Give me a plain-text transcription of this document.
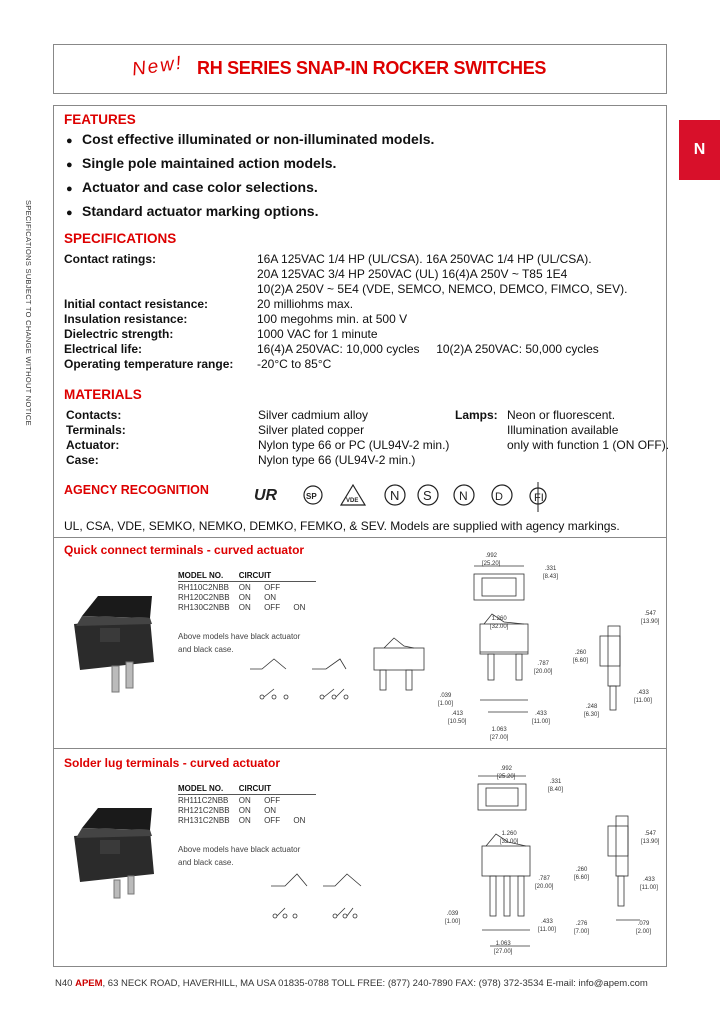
New! RH SERIES SNAP-IN ROCKER SWITCHES
N
SPECIFICATIONS SUBJECT TO CHANGE WITHOUT NOTICE
FEATURES
● Cost effective illuminated or non-illuminated models.
● Single pole maintained action models.
● Actuator and case color selections.
● Standard actuator marking options.
SPECIFICATIONS
Contact ratings:	16A 125VAC 1/4 HP (UL/CSA). 16A 250VAC 1/4 HP (UL/CSA).
20A 125VAC 3/4 HP 250VAC (UL) 16(4)A 250V ~ T85 1E4
10(2)A 250V ~ 5E4 (VDE, SEMCO, NEMCO, DEMCO, FIMCO, SEV).
Initial contact resistance:	20 milliohms max.
Insulation resistance:	100 megohms min. at 500 V
Dielectric strength:	1000 VAC for 1 minute
Electrical life:	16(4)A 250VAC: 10,000 cycles     10(2)A 250VAC: 50,000 cycles
Operating temperature range: -20°C to 85°C
MATERIALS
Contacts:	Silver cadmium alloy
Terminals:	Silver plated copper
Actuator:	Nylon type 66 or PC (UL94V-2 min.)
Case:	Nylon type 66 (UL94V-2 min.)
Lamps: Neon or fluorescent.
Illumination available
only with function 1 (ON OFF).
AGENCY RECOGNITION	UR	SP	VDE N S N D	FI
UL, CSA, VDE, SEMKO, NEMKO, DEMKO, FEMKO, & SEV. Models are supplied with agency markings.
Quick connect terminals - curved actuator
MODEL NO.	CIRCUIT
RH110C2NBB	ON      OFF
RH120C2NBB	ON      ON
RH130C2NBB	ON      OFF      ON
Above models have black actuator
and black case.
.992
[25.20]
.331
[8.43]
1.260
[32.00]
.787
[20.00]
.039
[1.00]
.413
[10.50]
.433
[11.00]
1.063
[27.00]
.547
[13.90]
.260
[6.60]
.433
[11.00]
.248
[6.30]
Solder lug terminals - curved actuator
MODEL NO.	CIRCUIT
RH111C2NBB	ON      OFF
RH121C2NBB	ON      ON
RH131C2NBB	ON      OFF      ON
Above models have black actuator
and black case.
.992
[25.20]
.331
[8.40]
1.260
[32.00]
.787
[20.00]
.039
[1.00]	.433
[11.00]
1.063
[27.00]
.547
[13.90]
.260
[6.60]	.433
[11.00]
.276
[7.00]
.079
[2.00]
N40 APEM, 63 NECK ROAD, HAVERHILL, MA USA 01835-0788 TOLL FREE: (877) 240-7890 FAX: (978) 372-3534 E-mail: info@apem.com
